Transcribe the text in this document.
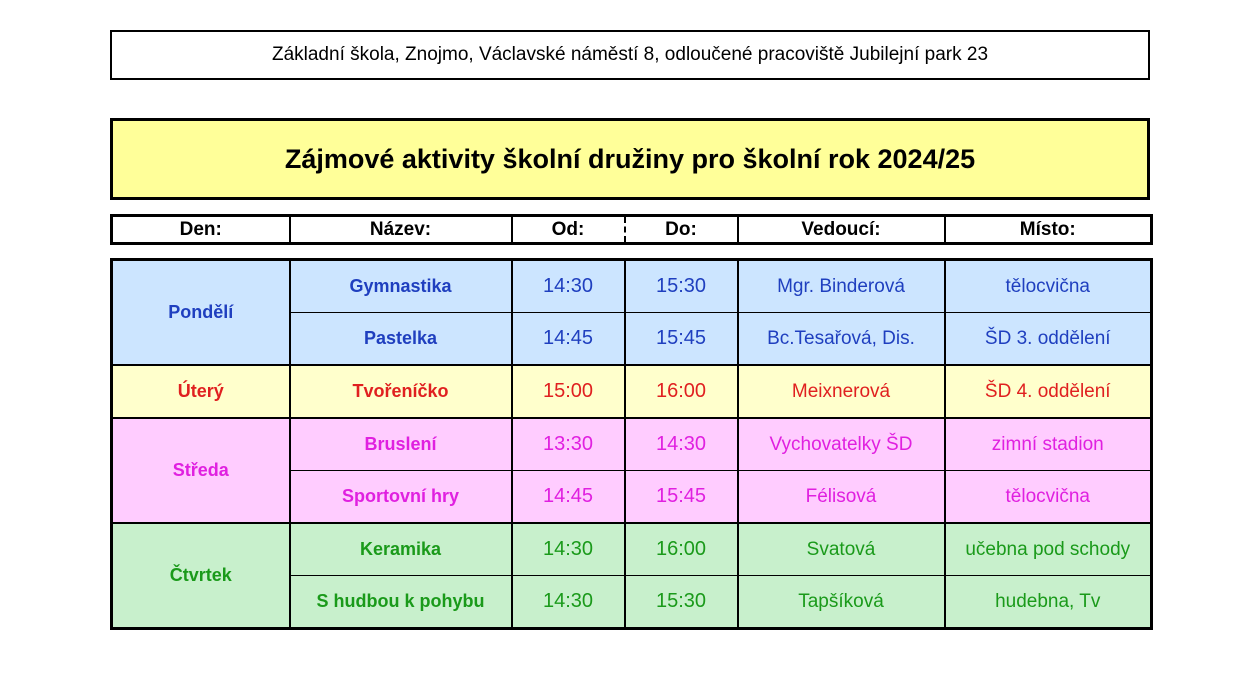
Základní škola, Znojmo, Václavské náměstí 8, odloučené pracoviště Jubilejní park 23
Zájmové aktivity školní družiny pro školní rok 2024/25
Den:	Název:	Od:	Do:	Vedoucí:	Místo:
Pondělí	Gymnastika	14:30	15:30	Mgr. Binderová	tělocvična
	Pastelka	14:45	15:45	Bc.Tesařová, Dis.	ŠD 3. oddělení
Úterý	Tvořeníčko	15:00	16:00	Meixnerová	ŠD 4. oddělení
Středa	Bruslení	13:30	14:30	Vychovatelky ŠD	zimní stadion
	Sportovní hry	14:45	15:45	Félisová	tělocvična
Čtvrtek	Keramika	14:30	16:00	Svatová	učebna pod schody
	S hudbou k pohybu	14:30	15:30	Tapšíková	hudebna, Tv
